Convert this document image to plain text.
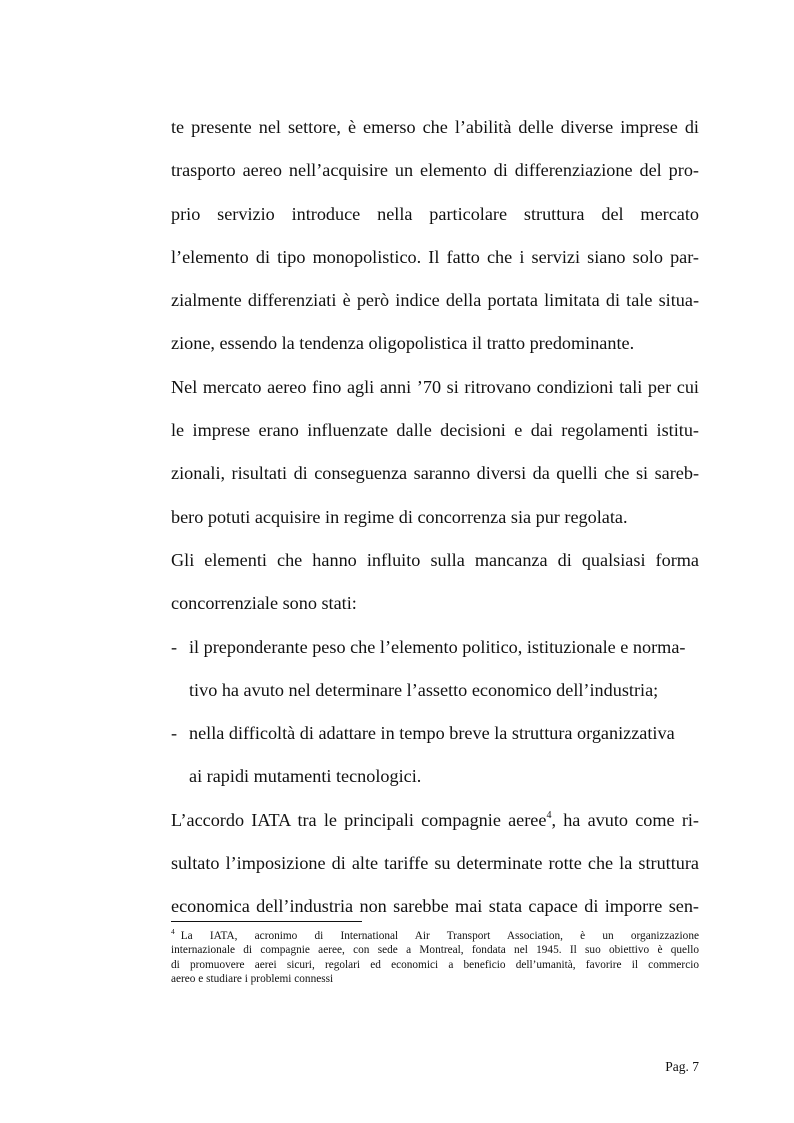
te presente nel settore, è emerso che l’abilità delle diverse imprese di
trasporto aereo nell’acquisire un elemento di differenziazione del pro-
prio servizio introduce nella particolare struttura del mercato
l’elemento di tipo monopolistico. Il fatto che i servizi siano solo par-
zialmente differenziati è però indice della portata limitata di tale situa-
zione, essendo la tendenza oligopolistica il tratto predominante.
Nel mercato aereo fino agli anni ’70 si ritrovano condizioni tali per cui
le imprese erano influenzate dalle decisioni e dai regolamenti istitu-
zionali, risultati di conseguenza saranno diversi da quelli che si sareb-
bero potuti acquisire in regime di concorrenza sia pur regolata.
Gli elementi che hanno influito sulla mancanza di qualsiasi forma
concorrenziale sono stati:
- il preponderante peso che l’elemento politico, istituzionale e norma-
tivo ha avuto nel determinare l’assetto economico dell’industria;
- nella difficoltà di adattare in tempo breve la struttura organizzativa
ai rapidi mutamenti tecnologici.
L’accordo IATA tra le principali compagnie aeree$^4$, ha avuto come ri-
sultato l’imposizione di alte tariffe su determinate rotte che la struttura
economica dell’industria non sarebbe mai stata capace di imporre sen-
$^4$ La IATA, acronimo di International Air Transport Association, è un organizzazione
internazionale di compagnie aeree, con sede a Montreal, fondata nel 1945. Il suo obiettivo è quello
di promuovere aerei sicuri, regolari ed economici a beneficio dell’umanità, favorire il commercio
aereo e studiare i problemi connessi
Pag. 7
